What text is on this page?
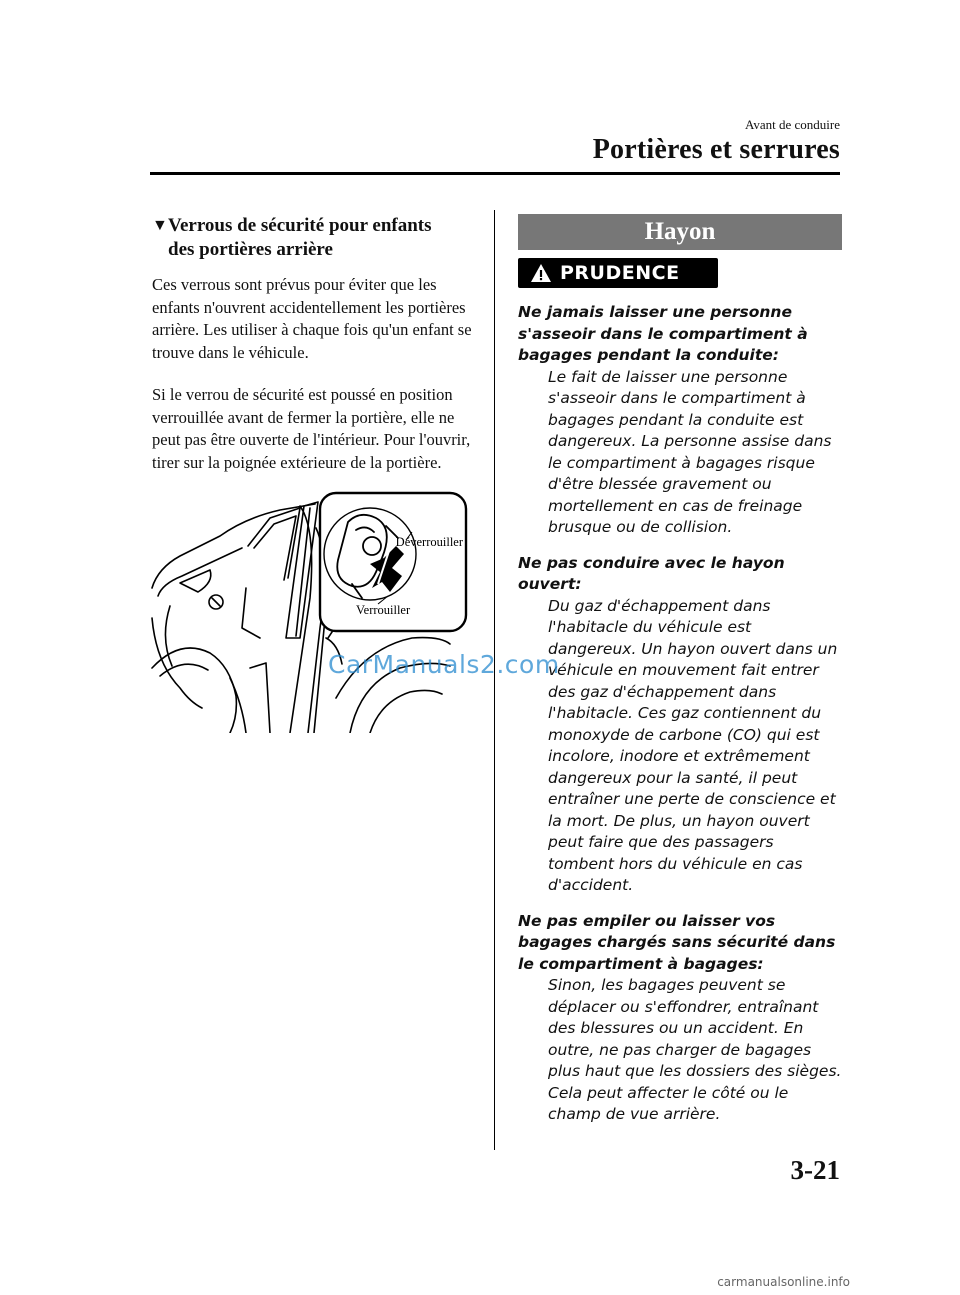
Avant de conduire
Portières et serrures
▼ Verrous de sécurité pour enfants
des portières arrière
Ces verrous sont prévus pour éviter que les enfants n'ouvrent accidentellement les portières arrière. Les utiliser à chaque fois qu'un enfant se trouve dans le véhicule.
Si le verrou de sécurité est poussé en position verrouillée avant de fermer la portière, elle ne peut pas être ouverte de l'intérieur. Pour l'ouvrir, tirer sur la poignée extérieure de la portière.
Déverrouiller
Verrouiller
Hayon
PRUDENCE
Ne jamais laisser une personne s'asseoir dans le compartiment à bagages pendant la conduite:
Le fait de laisser une personne s'asseoir dans le compartiment à bagages pendant la conduite est dangereux. La personne assise dans le compartiment à bagages risque d'être blessée gravement ou mortellement en cas de freinage brusque ou de collision.
Ne pas conduire avec le hayon ouvert:
Du gaz d'échappement dans l'habitacle du véhicule est dangereux. Un hayon ouvert dans un véhicule en mouvement fait entrer des gaz d'échappement dans l'habitacle. Ces gaz contiennent du monoxyde de carbone (CO) qui est incolore, inodore et extrêmement dangereux pour la santé, il peut entraîner une perte de conscience et la mort. De plus, un hayon ouvert peut faire que des passagers tombent hors du véhicule en cas d'accident.
Ne pas empiler ou laisser vos bagages chargés sans sécurité dans le compartiment à bagages:
Sinon, les bagages peuvent se déplacer ou s'effondrer, entraînant des blessures ou un accident. En outre, ne pas charger de bagages plus haut que les dossiers des sièges. Cela peut affecter le côté ou le champ de vue arrière.
CarManuals2.com
3-21
carmanualsonline.info
